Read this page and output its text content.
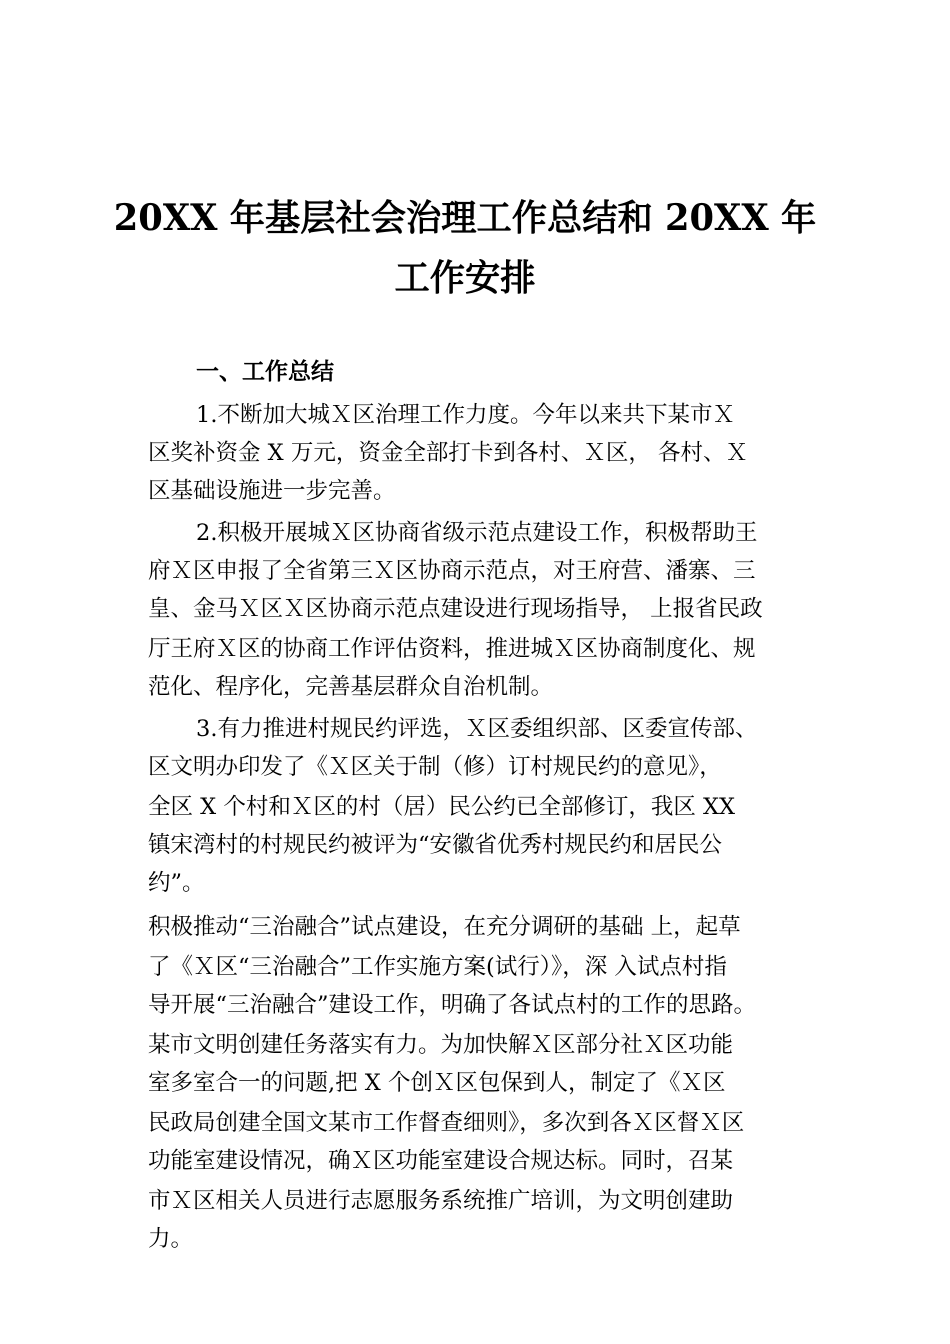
20XX 年基层社会治理工作总结和 20XX 年
工作安排
一、工作总结

1.不断加大城Ｘ区治理工作力度。今年以来共下某市Ｘ

区奖补资金 X 万元，资金全部打卡到各村、Ｘ区， 各村、Ｘ

区基础设施进一步完善。

2.积极开展城Ｘ区协商省级示范点建设工作，积极帮助王

府Ｘ区申报了全省第三Ｘ区协商示范点，对王府营、潘寨、三

皇、金马Ｘ区Ｘ区协商示范点建设进行现场指导， 上报省民政

厅王府Ｘ区的协商工作评估资料，推进城Ｘ区协商制度化、规

范化、程序化，完善基层群众自治机制。

3.有力推进村规民约评选，Ｘ区委组织部、区委宣传部、

区文明办印发了《Ｘ区关于制（修）订村规民约的意见》，

全区 X 个村和Ｘ区的村（居）民公约已全部修订，我区 XX

镇宋湾村的村规民约被评为“安徽省优秀村规民约和居民公

约”。

积极推动“三治融合”试点建设，在充分调研的基础 上，起草

了《Ｘ区“三治融合”工作实施方案(试行）》，深 入试点村指

导开展“三治融合”建设工作，明确了各试点村的工作的思路。

某市文明创建任务落实有力。为加快解Ｘ区部分社Ｘ区功能

室多室合一的问题,把 X 个创Ｘ区包保到人，制定了《Ｘ区

民政局创建全国文某市工作督查细则》，多次到各Ｘ区督Ｘ区

功能室建设情况，确Ｘ区功能室建设合规达标。同时，召某

市Ｘ区相关人员进行志愿服务系统推广培训，为文明创建助

力。
